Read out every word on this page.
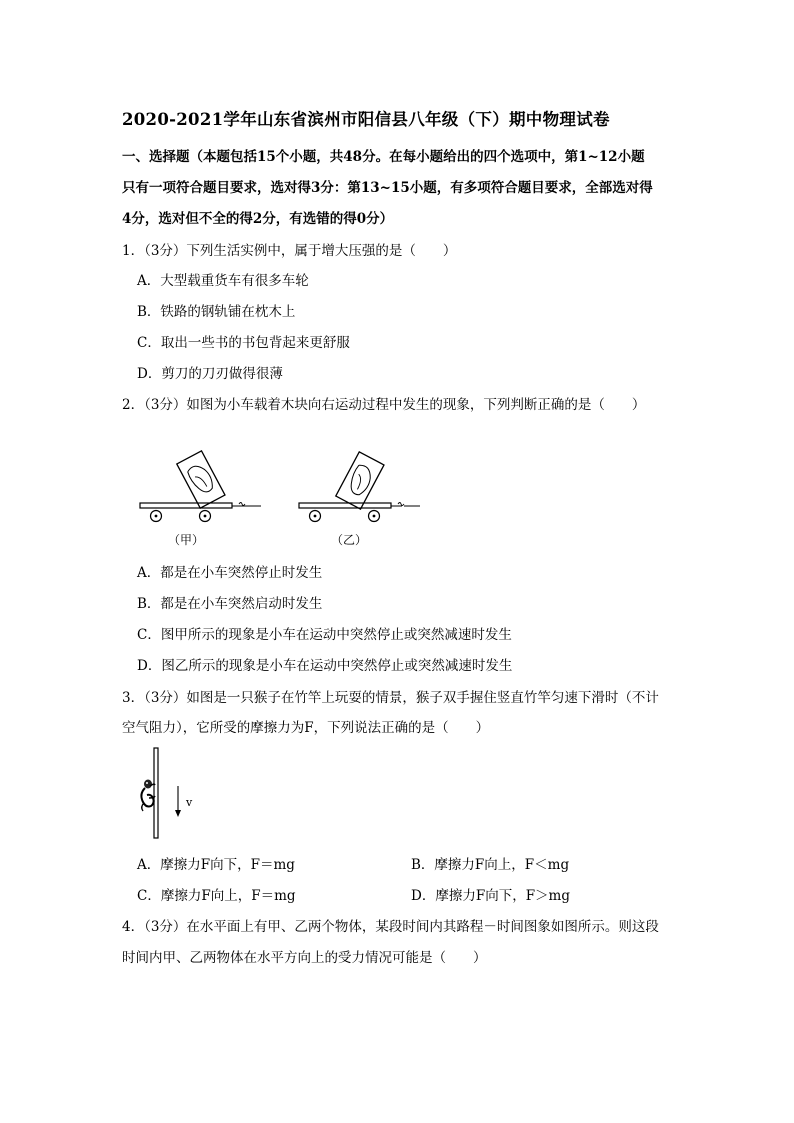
2020-2021学年山东省滨州市阳信县八年级（下）期中物理试卷
一、选择题（本题包括15个小题，共48分。在每小题给出的四个选项中，第1~12小题
只有一项符合题目要求，选对得3分：第13~15小题，有多项符合题目要求，全部选对得
4分，选对但不全的得2分，有选错的得0分）
1．（3分）下列生活实例中，属于增大压强的是（　　）
A．大型载重货车有很多车轮
B．铁路的钢轨铺在枕木上
C．取出一些书的书包背起来更舒服
D．剪刀的刀刃做得很薄
2．（3分）如图为小车载着木块向右运动过程中发生的现象，下列判断正确的是（　　）
（甲）	（乙）
A．都是在小车突然停止时发生
B．都是在小车突然启动时发生
C．图甲所示的现象是小车在运动中突然停止或突然减速时发生
D．图乙所示的现象是小车在运动中突然停止或突然减速时发生
3．（3分）如图是一只猴子在竹竿上玩耍的情景，猴子双手握住竖直竹竿匀速下滑时（不计
空气阻力），它所受的摩擦力为F，下列说法正确的是（　　）
v
A．摩擦力F向下，F＝mg	B．摩擦力F向上，F＜mg
C．摩擦力F向上，F＝mg	D．摩擦力F向下，F＞mg
4．（3分）在水平面上有甲、乙两个物体，某段时间内其路程－时间图象如图所示。则这段
时间内甲、乙两物体在水平方向上的受力情况可能是（　　）
